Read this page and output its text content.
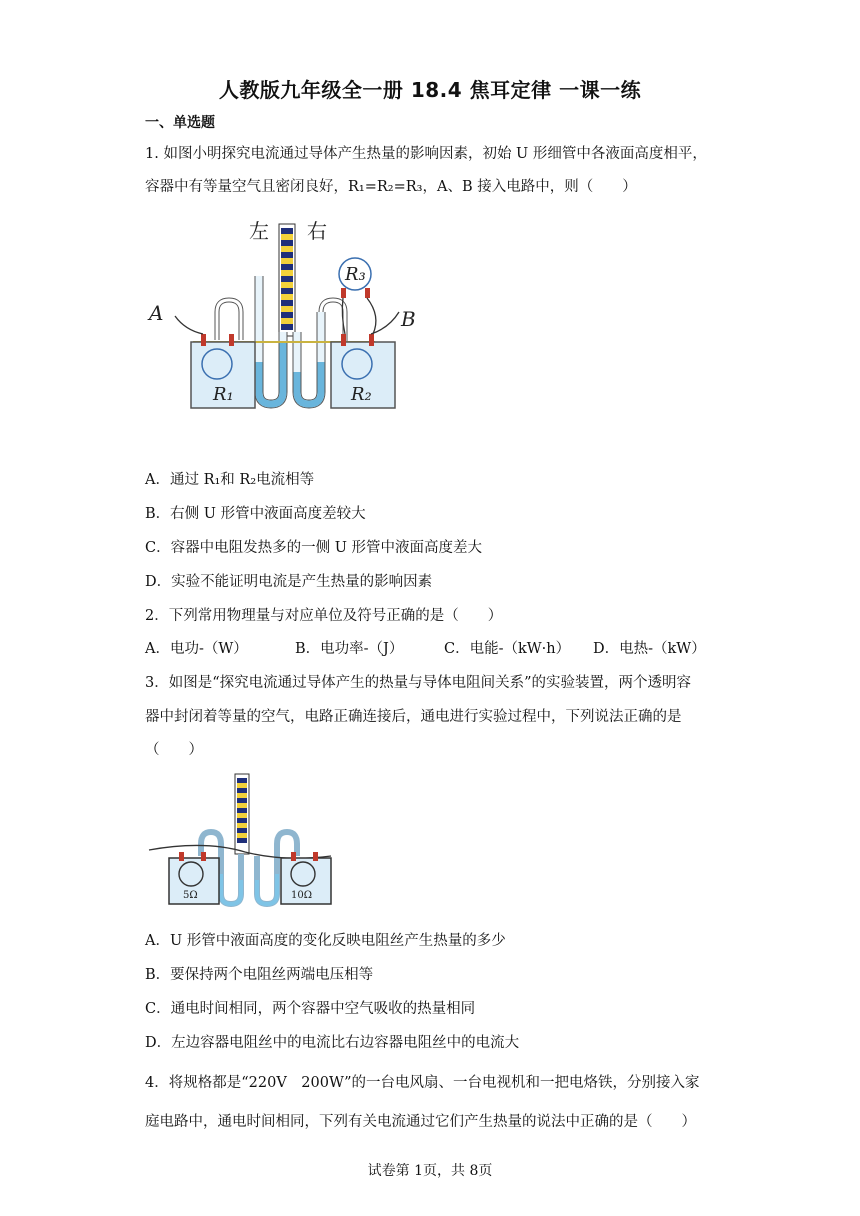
人教版九年级全一册 18.4 焦耳定律 一课一练
一、单选题
1. 如图小明探究电流通过导体产生热量的影响因素，初始 U 形细管中各液面高度相平，
容器中有等量空气且密闭良好，R₁=R₂=R₃，A、B 接入电路中，则（　　）
左 右
A	B
R₁	R₂
R₃
A．通过 R₁和 R₂电流相等
B．右侧 U 形管中液面高度差较大
C．容器中电阻发热多的一侧 U 形管中液面高度差大
D．实验不能证明电流是产生热量的影响因素
2．下列常用物理量与对应单位及符号正确的是（　　）
A．电功-（W）	B．电功率-（J）	C．电能-（kW·h） D．电热-（kW）
3．如图是“探究电流通过导体产生的热量与导体电阻间关系”的实验装置，两个透明容
器中封闭着等量的空气，电路正确连接后，通电进行实验过程中，下列说法正确的是
（　　）
5Ω	10Ω
A．U 形管中液面高度的变化反映电阻丝产生热量的多少
B．要保持两个电阻丝两端电压相等
C．通电时间相同，两个容器中空气吸收的热量相同
D．左边容器电阻丝中的电流比右边容器电阻丝中的电流大
4．将规格都是“220V　200W”的一台电风扇、一台电视机和一把电烙铁，分别接入家
庭电路中，通电时间相同，下列有关电流通过它们产生热量的说法中正确的是（　　）
试卷第 1页，共 8页
